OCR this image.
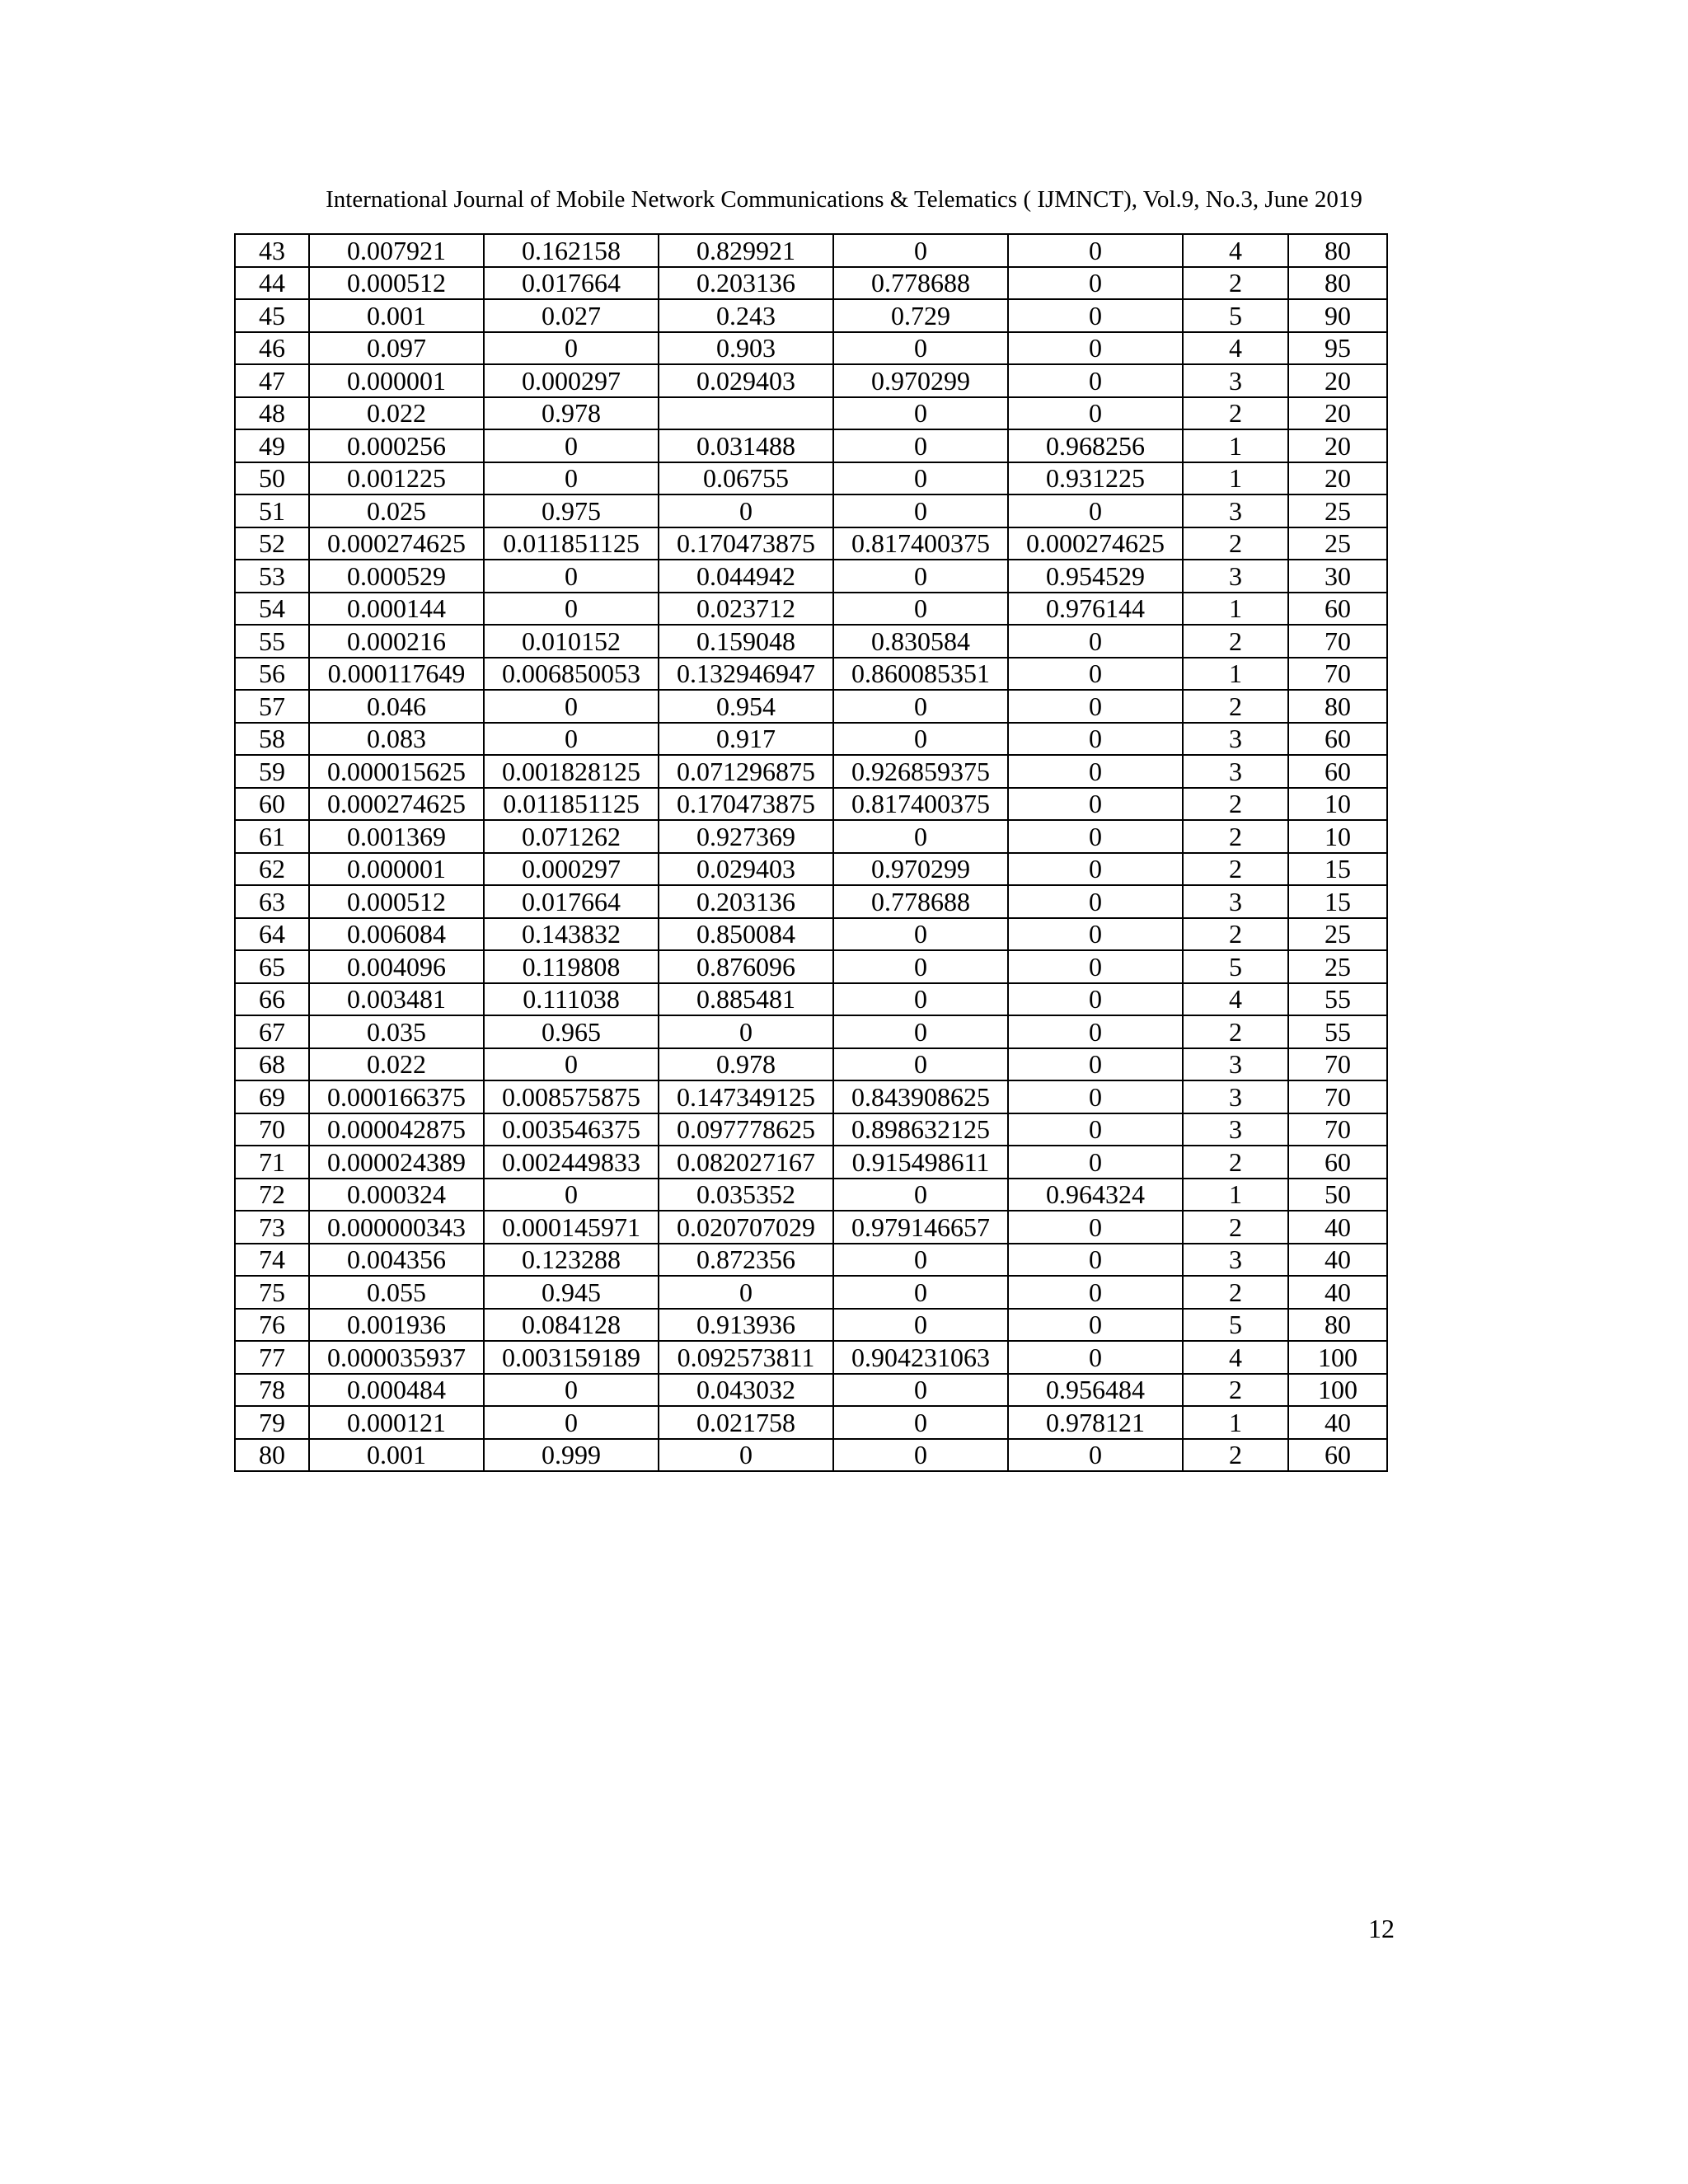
International Journal of Mobile Network Communications & Telematics ( IJMNCT), Vol.9, No.3, June 2019
43	0.007921	0.162158	0.829921	0	0	4	80
44	0.000512	0.017664	0.203136	0.778688	0	2	80
45	0.001	0.027	0.243	0.729	0	5	90
46	0.097	0	0.903	0	0	4	95
47	0.000001	0.000297	0.029403	0.970299	0	3	20
48	0.022	0.978		0	0	2	20
49	0.000256	0	0.031488	0	0.968256	1	20
50	0.001225	0	0.06755	0	0.931225	1	20
51	0.025	0.975	0	0	0	3	25
52	0.000274625	0.011851125	0.170473875	0.817400375	0.000274625	2	25
53	0.000529	0	0.044942	0	0.954529	3	30
54	0.000144	0	0.023712	0	0.976144	1	60
55	0.000216	0.010152	0.159048	0.830584	0	2	70
56	0.000117649	0.006850053	0.132946947	0.860085351	0	1	70
57	0.046	0	0.954	0	0	2	80
58	0.083	0	0.917	0	0	3	60
59	0.000015625	0.001828125	0.071296875	0.926859375	0	3	60
60	0.000274625	0.011851125	0.170473875	0.817400375	0	2	10
61	0.001369	0.071262	0.927369	0	0	2	10
62	0.000001	0.000297	0.029403	0.970299	0	2	15
63	0.000512	0.017664	0.203136	0.778688	0	3	15
64	0.006084	0.143832	0.850084	0	0	2	25
65	0.004096	0.119808	0.876096	0	0	5	25
66	0.003481	0.111038	0.885481	0	0	4	55
67	0.035	0.965	0	0	0	2	55
68	0.022	0	0.978	0	0	3	70
69	0.000166375	0.008575875	0.147349125	0.843908625	0	3	70
70	0.000042875	0.003546375	0.097778625	0.898632125	0	3	70
71	0.000024389	0.002449833	0.082027167	0.915498611	0	2	60
72	0.000324	0	0.035352	0	0.964324	1	50
73	0.000000343	0.000145971	0.020707029	0.979146657	0	2	40
74	0.004356	0.123288	0.872356	0	0	3	40
75	0.055	0.945	0	0	0	2	40
76	0.001936	0.084128	0.913936	0	0	5	80
77	0.000035937	0.003159189	0.092573811	0.904231063	0	4	100
78	0.000484	0	0.043032	0	0.956484	2	100
79	0.000121	0	0.021758	0	0.978121	1	40
80	0.001	0.999	0	0	0	2	60
12
